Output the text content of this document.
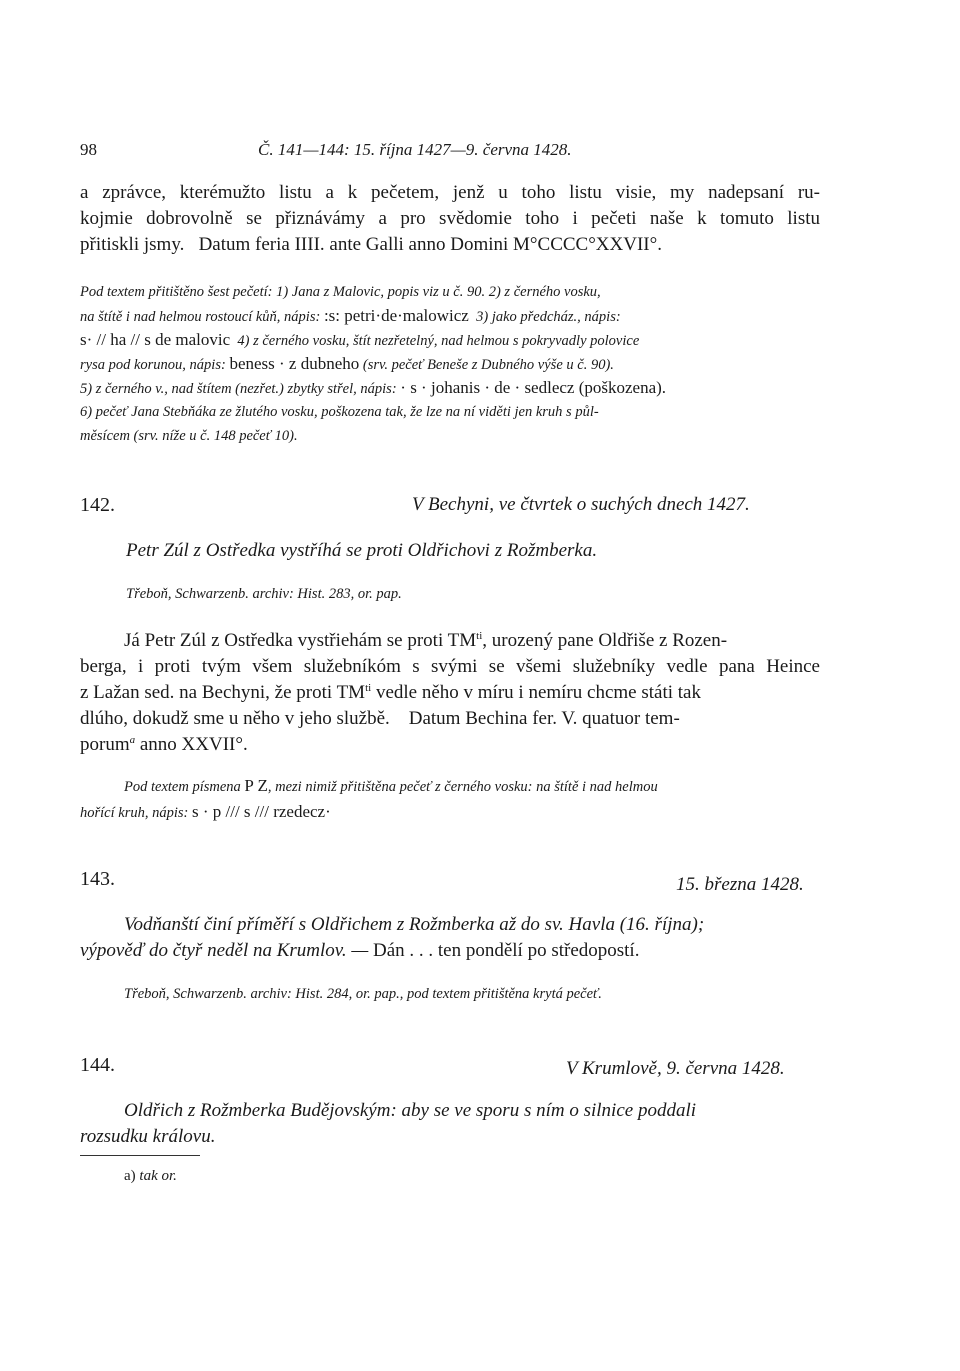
98	Č. 141—144: 15. října 1427—9. června 1428.
a zprávce, kterémužto listu a k pečetem, jenž u toho listu visie, my nadepsaní ru-
kojmie dobrovolně se přiznávámy a pro svědomie toho i pečeti naše k tomuto listu
přitiskli jsmy.   Datum feria IIII. ante Galli anno Domini M°CCCC°XXVII°.
Pod textem přitištěno šest pečetí: 1) Jana z Malovic, popis viz u č. 90. 2) z černého vosku,
na štítě i nad helmou rostoucí kůň, nápis: :s: petri·de·malowicz  3) jako předcház., nápis:
s· // ha // s de malovic  4) z černého vosku, štít nezřetelný, nad helmou s pokryvadly polovice
rysa pod korunou, nápis: beness · z dubneho (srv. pečeť Beneše z Dubného výše u č. 90).
5) z černého v., nad štítem (nezřet.) zbytky střel, nápis: · s · johanis · de · sedlecz (poškozena).
6) pečeť Jana Stebňáka ze žlutého vosku, poškozena tak, že lze na ní viděti jen kruh s půl-
měsícem (srv. níže u č. 148 pečeť 10).
142.	V Bechyni, ve čtvrtek o suchých dnech 1427.
Petr Zúl z Ostředka vystříhá se proti Oldřichovi z Rožmberka.
Třeboň, Schwarzenb. archiv: Hist. 283, or. pap.
Já Petr Zúl z Ostředka vystřiehám se proti $TM^{ti}$, urozený pane Oldřiše z Rozen-
berga, i proti tvým všem služebníkóm s svými se všemi služebníky vedle pana Heince
z Lažan sed. na Bechyni, že proti $TM^{ti}$ vedle něho v míru i nemíru chcme státi tak
dlúho, dokudž sme u něho v jeho službě.    Datum Bechina fer. V. quatuor tem-
porum$^a$ anno XXVII°.
Pod textem písmena P Z, mezi nimiž přitištěna pečeť z černého vosku: na štítě i nad helmou
hořící kruh, nápis: s · p /// s /// rzedecz·
143.	15. března 1428.
Vodňanští činí příměří s Oldřichem z Rožmberka až do sv. Havla (16. října);
výpověď do čtyř neděl na Krumlov. — Dán . . . ten pondělí po středopostí.
Třeboň, Schwarzenb. archiv: Hist. 284, or. pap., pod textem přitištěna krytá pečeť.
144.	V Krumlově, 9. června 1428.
Oldřich z Rožmberka Budějovským: aby se ve sporu s ním o silnice poddali
rozsudku královu.
a) tak or.
